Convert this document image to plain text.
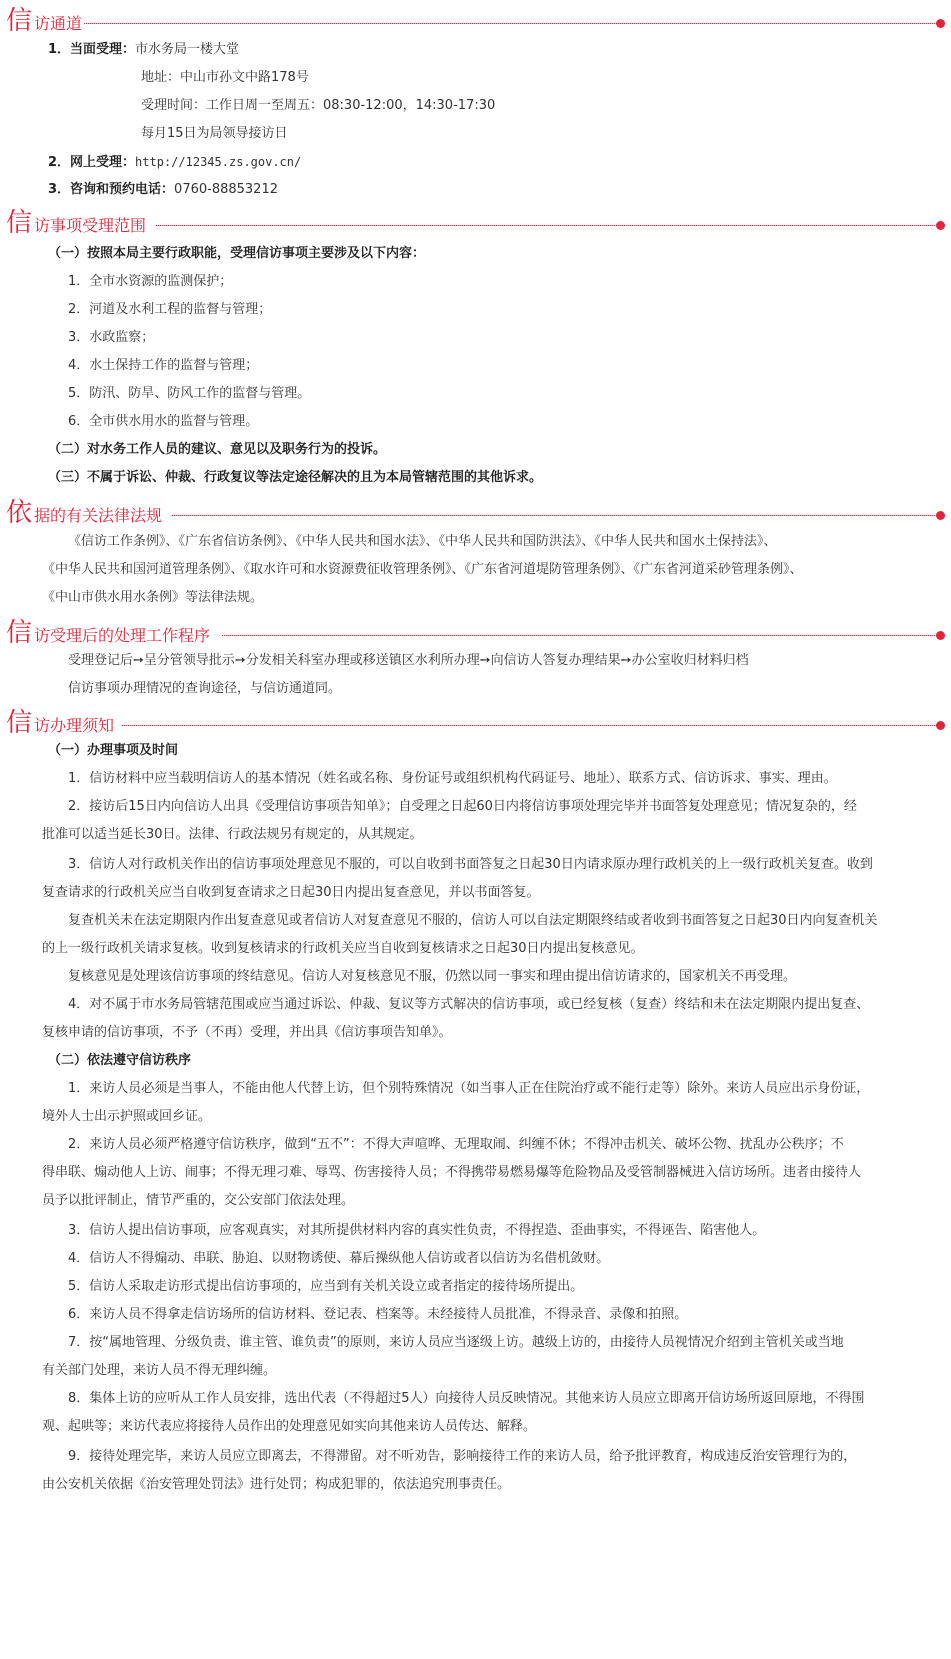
信 访通道
1．当面受理：市水务局一楼大堂
地址：中山市孙文中路178号
受理时间：工作日周一至周五：08:30-12:00，14:30-17:30
每月15日为局领导接访日
2．网上受理：http://12345.zs.gov.cn/
3．咨询和预约电话：0760-88853212
信 访事项受理范围
（一）按照本局主要行政职能，受理信访事项主要涉及以下内容：
1．全市水资源的监测保护；
2．河道及水利工程的监督与管理；
3．水政监察；
4．水土保持工作的监督与管理；
5．防汛、防旱、防风工作的监督与管理。
6．全市供水用水的监督与管理。
（二）对水务工作人员的建议、意见以及职务行为的投诉。
（三）不属于诉讼、仲裁、行政复议等法定途径解决的且为本局管辖范围的其他诉求。
依 据的有关法律法规
《信访工作条例》、《广东省信访条例》、《中华人民共和国水法》、《中华人民共和国防洪法》、《中华人民共和国水土保持法》、
《中华人民共和国河道管理条例》、《取水许可和水资源费征收管理条例》、《广东省河道堤防管理条例》、《广东省河道采砂管理条例》、
《中山市供水用水条例》等法律法规。
信 访受理后的处理工作程序
受理登记后➙呈分管领导批示➙分发相关科室办理或移送镇区水利所办理➙向信访人答复办理结果➙办公室收归材料归档
信访事项办理情况的查询途径，与信访通道同。
信 访办理须知
（一）办理事项及时间
1．信访材料中应当载明信访人的基本情况（姓名或名称、身份证号或组织机构代码证号、地址）、联系方式、信访诉求、事实、理由。
2．接访后15日内向信访人出具《受理信访事项告知单》；自受理之日起60日内将信访事项处理完毕并书面答复处理意见；情况复杂的，经
批准可以适当延长30日。法律、行政法规另有规定的，从其规定。
3．信访人对行政机关作出的信访事项处理意见不服的，可以自收到书面答复之日起30日内请求原办理行政机关的上一级行政机关复查。收到
复查请求的行政机关应当自收到复查请求之日起30日内提出复查意见，并以书面答复。
复查机关未在法定期限内作出复查意见或者信访人对复查意见不服的，信访人可以自法定期限终结或者收到书面答复之日起30日内向复查机关
的上一级行政机关请求复核。收到复核请求的行政机关应当自收到复核请求之日起30日内提出复核意见。
复核意见是处理该信访事项的终结意见。信访人对复核意见不服，仍然以同一事实和理由提出信访请求的，国家机关不再受理。
4．对不属于市水务局管辖范围或应当通过诉讼、仲裁、复议等方式解决的信访事项，或已经复核（复查）终结和未在法定期限内提出复查、
复核申请的信访事项，不予（不再）受理，并出具《信访事项告知单》。
（二）依法遵守信访秩序
1．来访人员必须是当事人，不能由他人代替上访，但个别特殊情况（如当事人正在住院治疗或不能行走等）除外。来访人员应出示身份证，
境外人士出示护照或回乡证。
2．来访人员必须严格遵守信访秩序，做到“五不”：不得大声喧哗、无理取闹、纠缠不休；不得冲击机关、破坏公物、扰乱办公秩序；不
得串联、煽动他人上访、闹事；不得无理刁难、辱骂、伤害接待人员；不得携带易燃易爆等危险物品及受管制器械进入信访场所。违者由接待人
员予以批评制止，情节严重的，交公安部门依法处理。
3．信访人提出信访事项，应客观真实，对其所提供材料内容的真实性负责，不得捏造、歪曲事实，不得诬告、陷害他人。
4．信访人不得煽动、串联、胁迫、以财物诱使、幕后操纵他人信访或者以信访为名借机敛财。
5．信访人采取走访形式提出信访事项的，应当到有关机关设立或者指定的接待场所提出。
6．来访人员不得拿走信访场所的信访材料、登记表、档案等。未经接待人员批准，不得录音、录像和拍照。
7．按“属地管理、分级负责、谁主管、谁负责”的原则，来访人员应当逐级上访。越级上访的，由接待人员视情况介绍到主管机关或当地
有关部门处理，来访人员不得无理纠缠。
8．集体上访的应听从工作人员安排，选出代表（不得超过5人）向接待人员反映情况。其他来访人员应立即离开信访场所返回原地，不得围
观、起哄等；来访代表应将接待人员作出的处理意见如实向其他来访人员传达、解释。
9．接待处理完毕，来访人员应立即离去，不得滞留。对不听劝告，影响接待工作的来访人员，给予批评教育，构成违反治安管理行为的，
由公安机关依据《治安管理处罚法》进行处罚；构成犯罪的，依法追究刑事责任。
